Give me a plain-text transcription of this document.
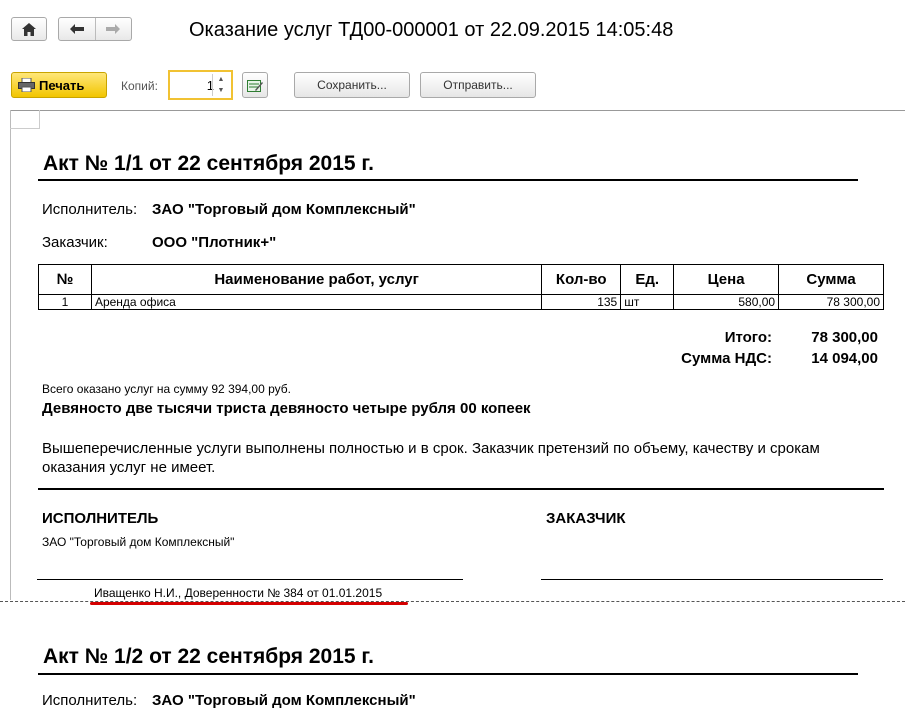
Оказание услуг ТД00-000001 от 22.09.2015 14:05:48
Печать	Копий:
1	▲
▼	Сохранить...	Отправить...
Акт № 1/1 от 22 сентября 2015 г.
Исполнитель: ЗАО "Торговый дом Комплексный"
Заказчик:	ООО "Плотник+"
№	Наименование работ, услуг	Кол-во	Ед.	Цена	Сумма
1	Аренда офиса	135	шт	580,00	78 300,00
Итого:	78 300,00
Сумма НДС:	14 094,00
Всего оказано услуг на сумму 92 394,00 руб.
Девяносто две тысячи триста девяносто четыре рубля 00 копеек
Вышеперечисленные услуги выполнены полностью и в срок. Заказчик претензий по объему, качеству и срокам оказания услуг не имеет.
ИСПОЛНИТЕЛЬ
ЗАО "Торговый дом Комплексный"
ЗАКАЗЧИК
Иващенко Н.И., Доверенности № 384 от 01.01.2015
Акт № 1/2 от 22 сентября 2015 г.
Исполнитель: ЗАО "Торговый дом Комплексный"
